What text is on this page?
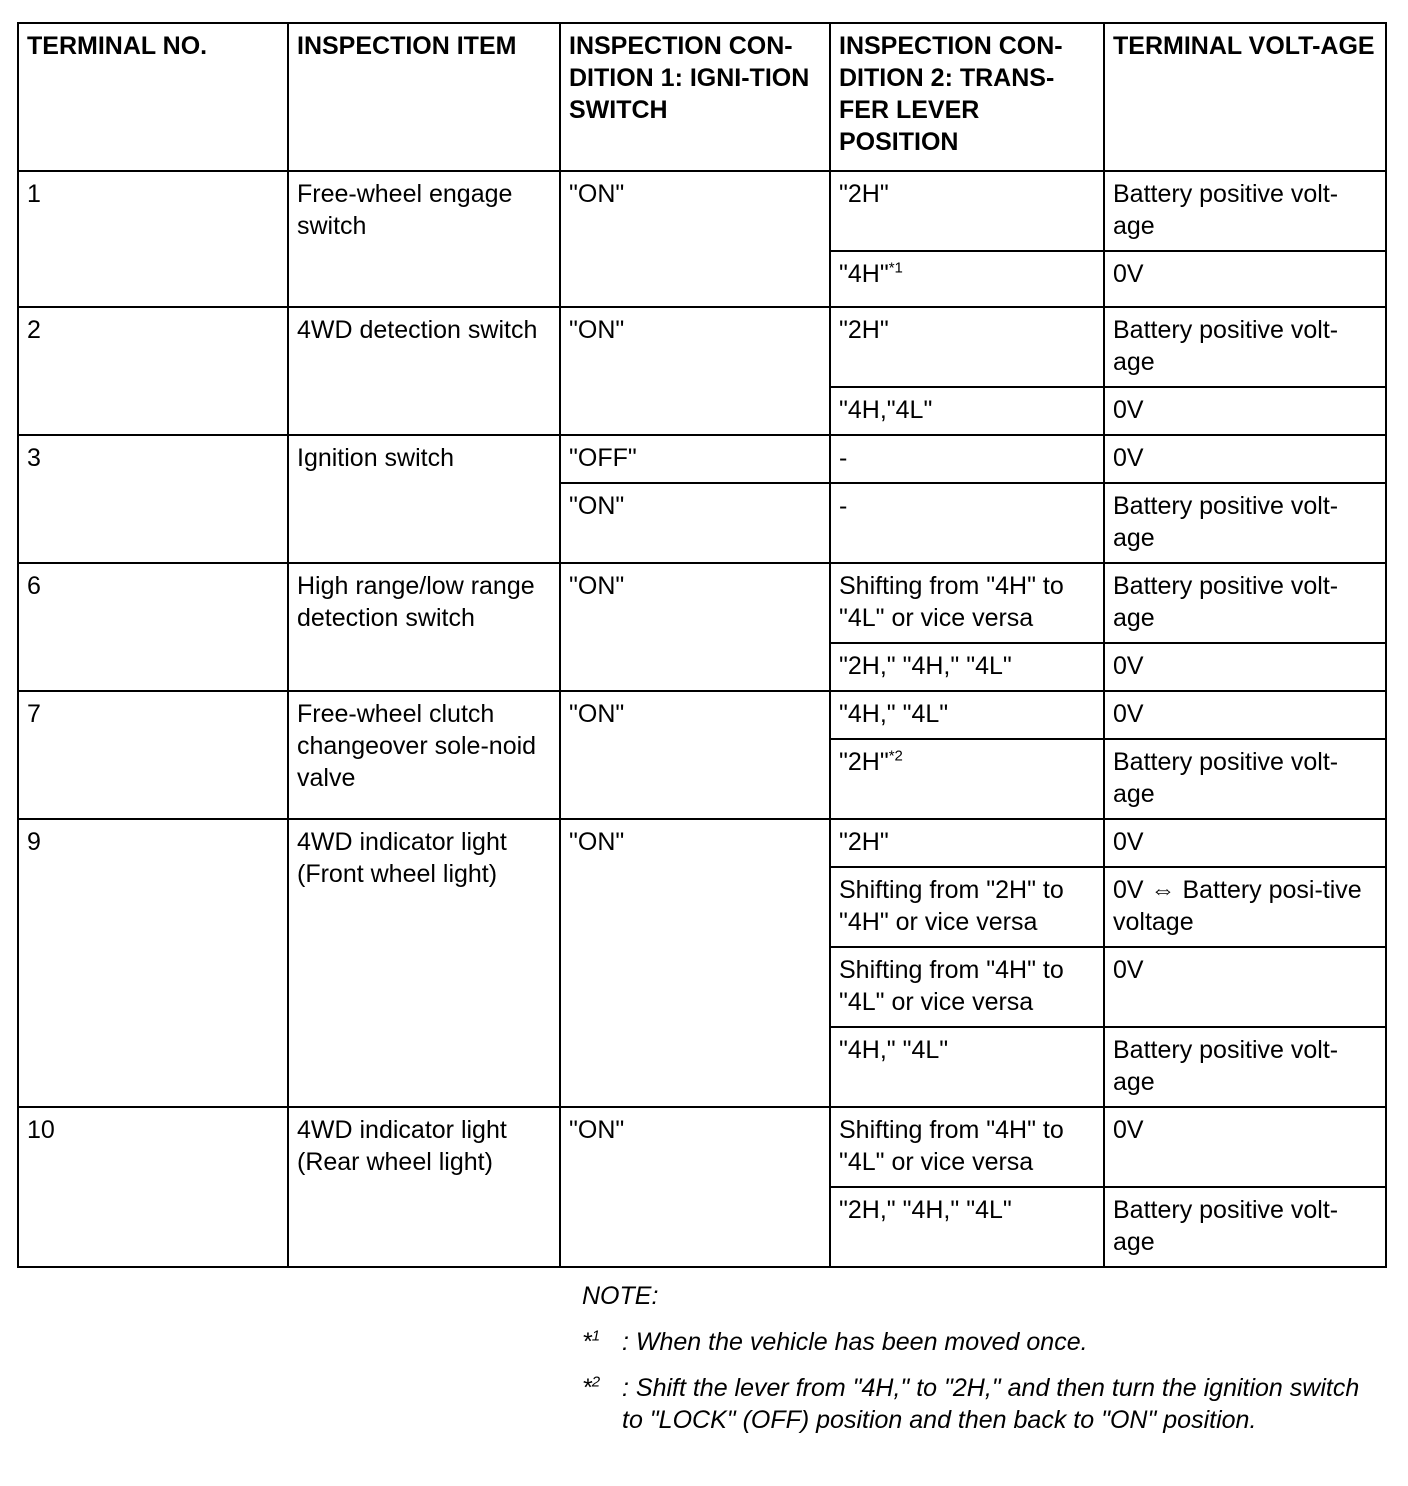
TERMINAL NO.	INSPECTION ITEM	INSPECTION CON-DITION 1: IGNI-TION SWITCH	INSPECTION CON-DITION 2: TRANS-FER LEVER POSITION	TERMINAL VOLT-AGE
1	Free-wheel engage switch	"ON"	"2H"	Battery positive volt-age
			"4H"$^{*1}$	0V
2	4WD detection switch	"ON"	"2H"	Battery positive volt-age
			"4H,"4L"	0V
3	Ignition switch	"OFF"	-	0V
		"ON"	-	Battery positive volt-age
6	High range/low range detection switch	"ON"	Shifting from "4H" to "4L" or vice versa	Battery positive volt-age
			"2H," "4H," "4L"	0V
7	Free-wheel clutch changeover sole-noid valve	"ON"	"4H," "4L"	0V
			"2H"$^{*2}$	Battery positive volt-age
9	4WD indicator light (Front wheel light)	"ON"	"2H"	0V
			Shifting from "2H" to "4H" or vice versa	0V ⇔ Battery posi-tive voltage
			Shifting from "4H" to "4L" or vice versa	0V
			"4H," "4L"	Battery positive volt-age
10	4WD indicator light (Rear wheel light)	"ON"	Shifting from "4H" to "4L" or vice versa	0V
			"2H," "4H," "4L"	Battery positive volt-age
NOTE:
*$^1$ : When the vehicle has been moved once.
*$^2$ : Shift the lever from "4H," to "2H," and then turn the ignition switch to "LOCK" (OFF) position and then back to "ON" position.
